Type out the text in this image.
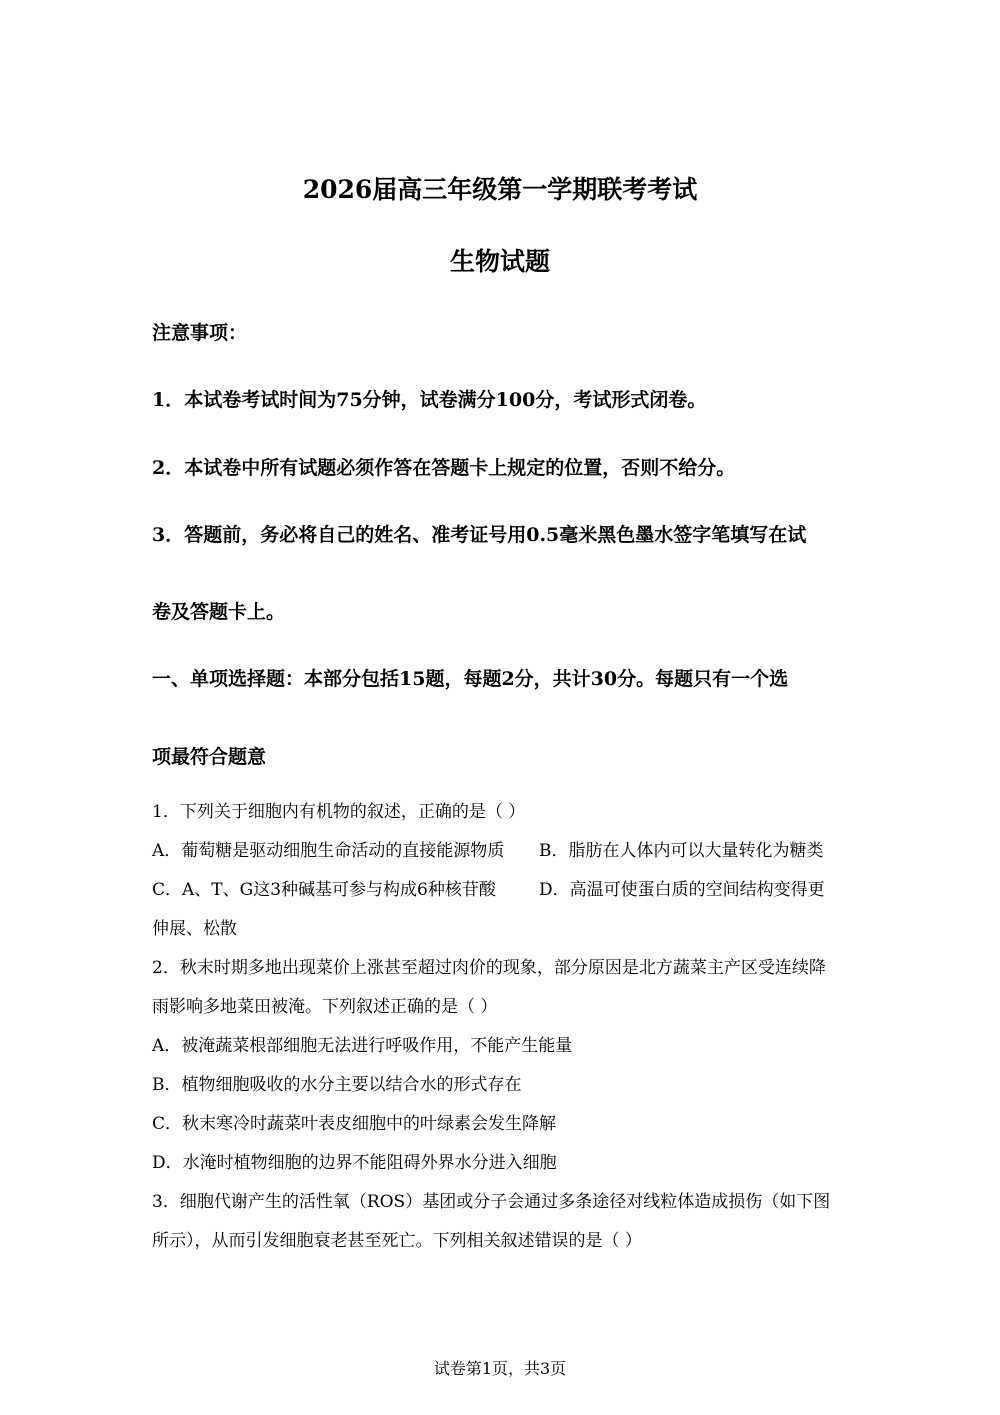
2026届高三年级第一学期联考考试
生物试题
注意事项：
1．本试卷考试时间为75分钟，试卷满分100分，考试形式闭卷。
2．本试卷中所有试题必须作答在答题卡上规定的位置，否则不给分。
3．答题前，务必将自己的姓名、准考证号用0.5毫米黑色墨水签字笔填写在试
卷及答题卡上。
一、单项选择题：本部分包括15题，每题2分，共计30分。每题只有一个选
项最符合题意
1．下列关于细胞内有机物的叙述，正确的是（ ）
A．葡萄糖是驱动细胞生命活动的直接能源物质 B．脂肪在人体内可以大量转化为糖类
C．A、T、G这3种碱基可参与构成6种核苷酸	D．高温可使蛋白质的空间结构变得更
伸展、松散
2．秋末时期多地出现菜价上涨甚至超过肉价的现象，部分原因是北方蔬菜主产区受连续降
雨影响多地菜田被淹。下列叙述正确的是（ ）
A．被淹蔬菜根部细胞无法进行呼吸作用，不能产生能量
B．植物细胞吸收的水分主要以结合水的形式存在
C．秋末寒冷时蔬菜叶表皮细胞中的叶绿素会发生降解
D．水淹时植物细胞的边界不能阻碍外界水分进入细胞
3．细胞代谢产生的活性氧（ROS）基团或分子会通过多条途径对线粒体造成损伤（如下图
所示），从而引发细胞衰老甚至死亡。下列相关叙述错误的是（ ）
试卷第1页，共3页
